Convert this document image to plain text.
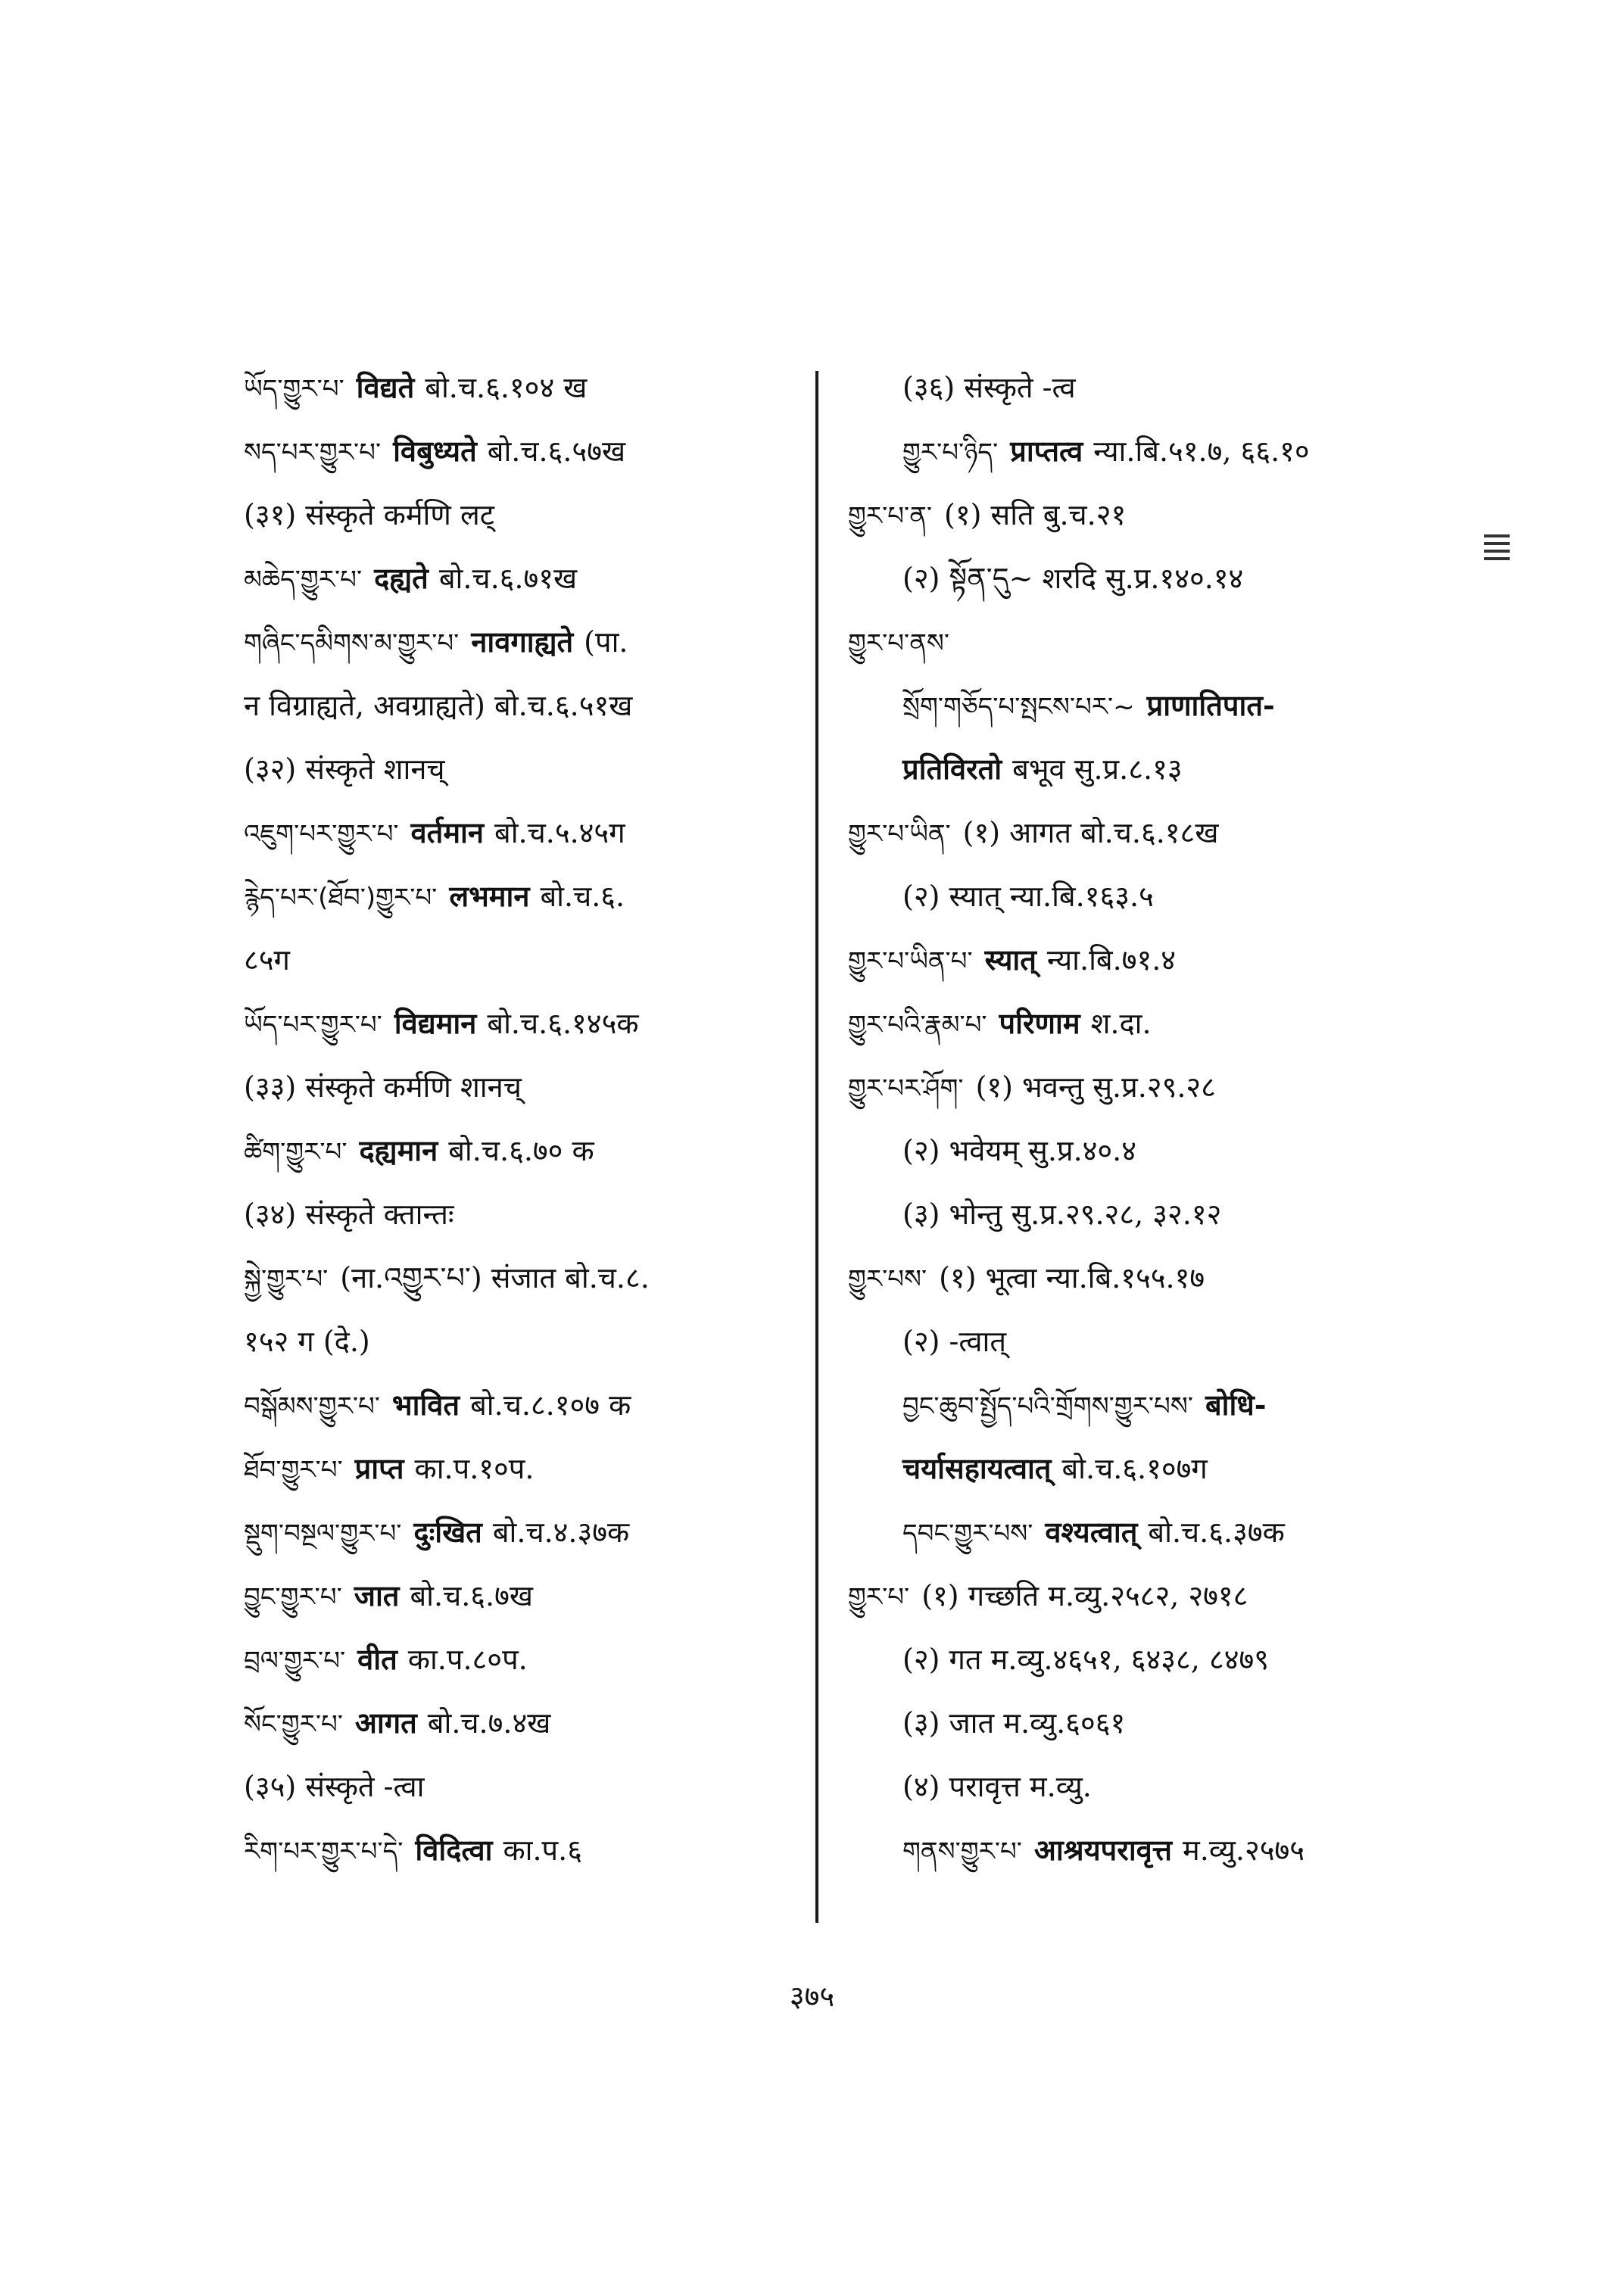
ཡོད་གྱུར་པ་ विद्यते बो.च.६.१०४ ख
སད་པར་གྱུར་པ་ विबुध्यते बो.च.६.५७ख
(३१) संस्कृते कर्मणि लट्
མཆེད་གྱུར་པ་ दह्यते बो.च.६.७१ख
གཞིང་དམིགས་མ་གྱུར་པ་ नावगाह्यते (पा.
न विग्राह्यते, अवग्राह्यते) बो.च.६.५१ख
(३२) संस्कृते शानच्
འཇུག་པར་གྱུར་པ་ वर्तमान बो.च.५.४५ग
རྙེད་པར་(ཐོབ་)གྱུར་པ་ लभमान बो.च.६.
८५ग
ཡོད་པར་གྱུར་པ་ विद्यमान बो.च.६.१४५क
(३३) संस्कृते कर्मणि शानच्
ཚིག་གྱུར་པ་ दह्यमान बो.च.६.७० क
(३४) संस्कृते क्तान्तः
སྐྱེ་གྱུར་པ་ (ना.འགྱུར་པ་) संजात बो.च.८.
१५२ ग (दे.)
བསྒོམས་གྱུར་པ་ भावित बो.च.८.१०७ क
ཐོབ་གྱུར་པ་ प्राप्त का.प.१०प.
སྡུག་བསྔལ་གྱུར་པ་ दुःखित बो.च.४.३७क
བྱུང་གྱུར་པ་ जात बो.च.६.७ख
བྲལ་གྱུར་པ་ वीत का.प.८०प.
སོང་གྱུར་པ་ आगत बो.च.७.४ख
(३५) संस्कृते -त्वा
རིག་པར་གྱུར་པ་དེ་ विदित्वा का.प.६
(३६) संस्कृते -त्व
གྱུར་པ་ཉིད་ प्राप्तत्व न्या.बि.५१.७, ६६.१०
གྱུར་པ་ན་ (१) सति बु.च.२१
(२) སྟོན་དུ~ शरदि सु.प्र.१४०.१४
གྱུར་པ་ནས་
སྲོག་གཅོད་པ་སྤངས་པར་~ प्राणातिपात-
प्रतिविरतो बभूव सु.प्र.८.१३
གྱུར་པ་ཡིན་ (१) आगत बो.च.६.१८ख
(२) स्यात् न्या.बि.१६३.५
གྱུར་པ་ཡིན་པ་ स्यात् न्या.बि.७१.४
གྱུར་པའི་རྣམ་པ་ परिणाम श.दा.
གྱུར་པར་ཤོག་ (१) भवन्तु सु.प्र.२९.२८
(२) भवेयम् सु.प्र.४०.४
(३) भोन्तु सु.प्र.२९.२८, ३२.१२
གྱུར་པས་ (१) भूत्वा न्या.बि.१५५.१७
(२) -त्वात्
བྱང་ཆུབ་སྤྱོད་པའི་གྲོགས་གྱུར་པས་ बोधि-
चर्यासहायत्वात् बो.च.६.१०७ग
དབང་གྱུར་པས་ वश्यत्वात् बो.च.६.३७क
གྱུར་པ་ (१) गच्छति म.व्यु.२५८२, २७१८
(२) गत म.व्यु.४६५१, ६४३८, ८४७९
(३) जात म.व्यु.६०६१
(४) परावृत्त म.व्यु.
གནས་གྱུར་པ་ आश्रयपरावृत्त म.व्यु.२५७५
३७५
